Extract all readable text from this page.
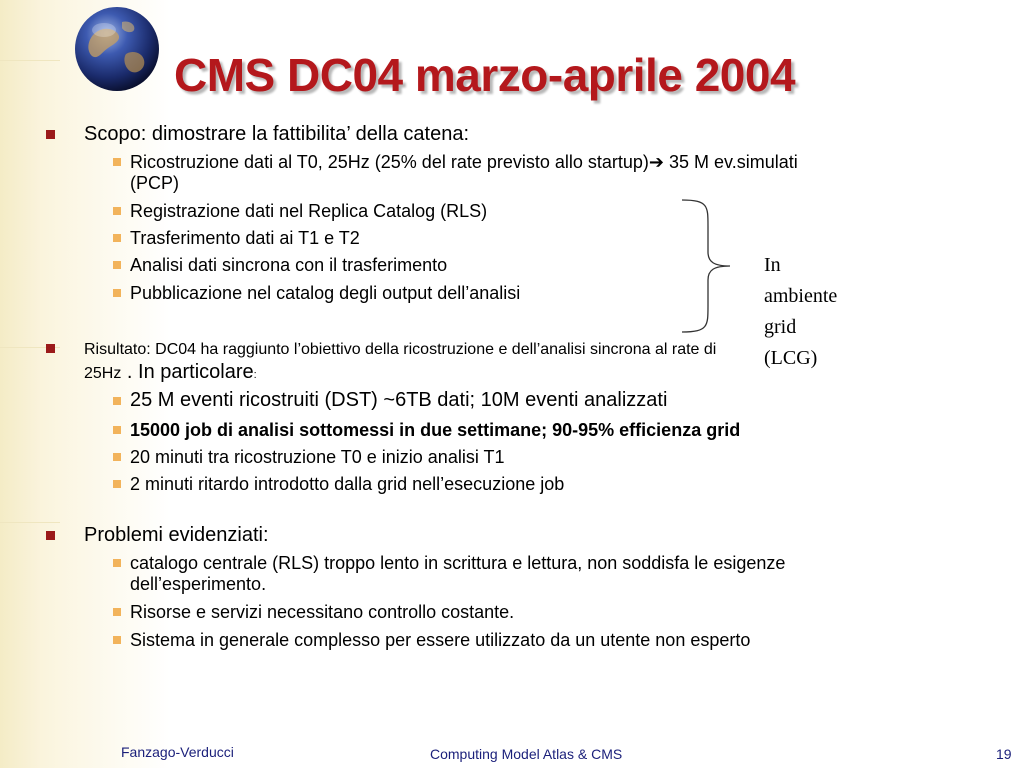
CMS DC04 marzo-aprile 2004
Scopo: dimostrare la fattibilita’ della catena:
Ricostruzione dati al T0, 25Hz (25% del rate previsto allo startup)➔ 35 M ev.simulati
(PCP)
Registrazione dati nel Replica Catalog (RLS)
Trasferimento dati ai T1 e T2
Analisi dati sincrona con il trasferimento
Pubblicazione nel catalog degli output dell’analisi
In ambiente
grid (LCG)
Risultato: DC04 ha raggiunto l’obiettivo della ricostruzione e dell’analisi sincrona al rate di
25Hz . In particolare:
25 M eventi ricostruiti (DST) ~6TB dati; 10M eventi analizzati
15000 job di analisi sottomessi in due settimane; 90-95% efficienza grid
20 minuti tra ricostruzione T0 e inizio analisi T1
2 minuti ritardo introdotto dalla grid nell’esecuzione job
Problemi evidenziati:
catalogo centrale (RLS) troppo lento in scrittura e lettura, non soddisfa le esigenze
dell’esperimento.
Risorse e servizi necessitano controllo costante.
Sistema in generale complesso per essere utilizzato da un utente non esperto
Fanzago-Verducci	Computing Model Atlas & CMS	19
